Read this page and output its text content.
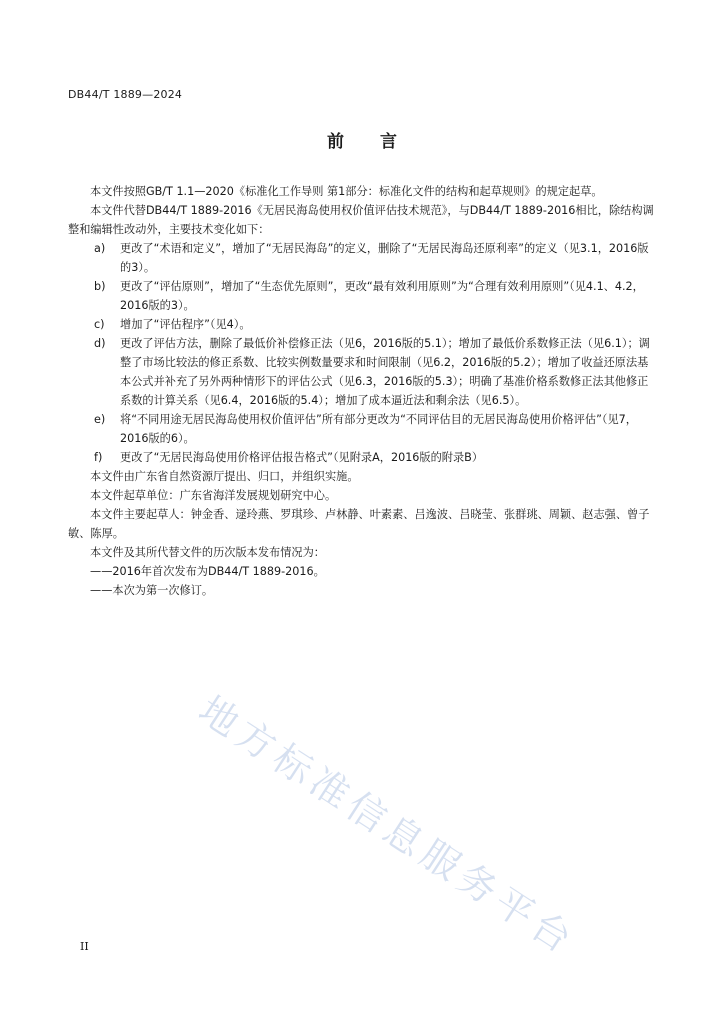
DB44/T 1889—2024
前言

本文件按照GB/T 1.1—2020《标准化工作导则 第1部分：标准化文件的结构和起草规则》的规定起草。

本文件代替DB44/T 1889-2016《无居民海岛使用权价值评估技术规范》，与DB44/T 1889-2016相比，除结构调整和编辑性改动外，主要技术变化如下：

a) 更改了“术语和定义”，增加了“无居民海岛”的定义，删除了“无居民海岛还原利率”的定义（见3.1，2016版的3）。
b) 更改了“评估原则”，增加了“生态优先原则”，更改“最有效利用原则”为“合理有效利用原则”（见4.1、4.2，2016版的3）。
c) 增加了“评估程序”（见4）。
d) 更改了评估方法，删除了最低价补偿修正法（见6，2016版的5.1）；增加了最低价系数修正法（见6.1）；调整了市场比较法的修正系数、比较实例数量要求和时间限制（见6.2，2016版的5.2）；增加了收益还原法基本公式并补充了另外两种情形下的评估公式（见6.3，2016版的5.3）；明确了基准价格系数修正法其他修正系数的计算关系（见6.4，2016版的5.4）；增加了成本逼近法和剩余法（见6.5）。
e) 将“不同用途无居民海岛使用权价值评估”所有部分更改为“不同评估目的无居民海岛使用价格评估”（见7，2016版的6）。
f) 更改了“无居民海岛使用价格评估报告格式”（见附录A，2016版的附录B）

本文件由广东省自然资源厅提出、归口，并组织实施。

本文件起草单位：广东省海洋发展规划研究中心。

本文件主要起草人：钟金香、逯玲燕、罗琪珍、卢林静、叶素素、吕逸波、吕晓莹、张群珧、周颖、赵志强、曾子敏、陈厚。

本文件及其所代替文件的历次版本发布情况为：

——2016年首次发布为DB44/T 1889-2016。

——本次为第一次修订。

地方标准信息服务平台
II
